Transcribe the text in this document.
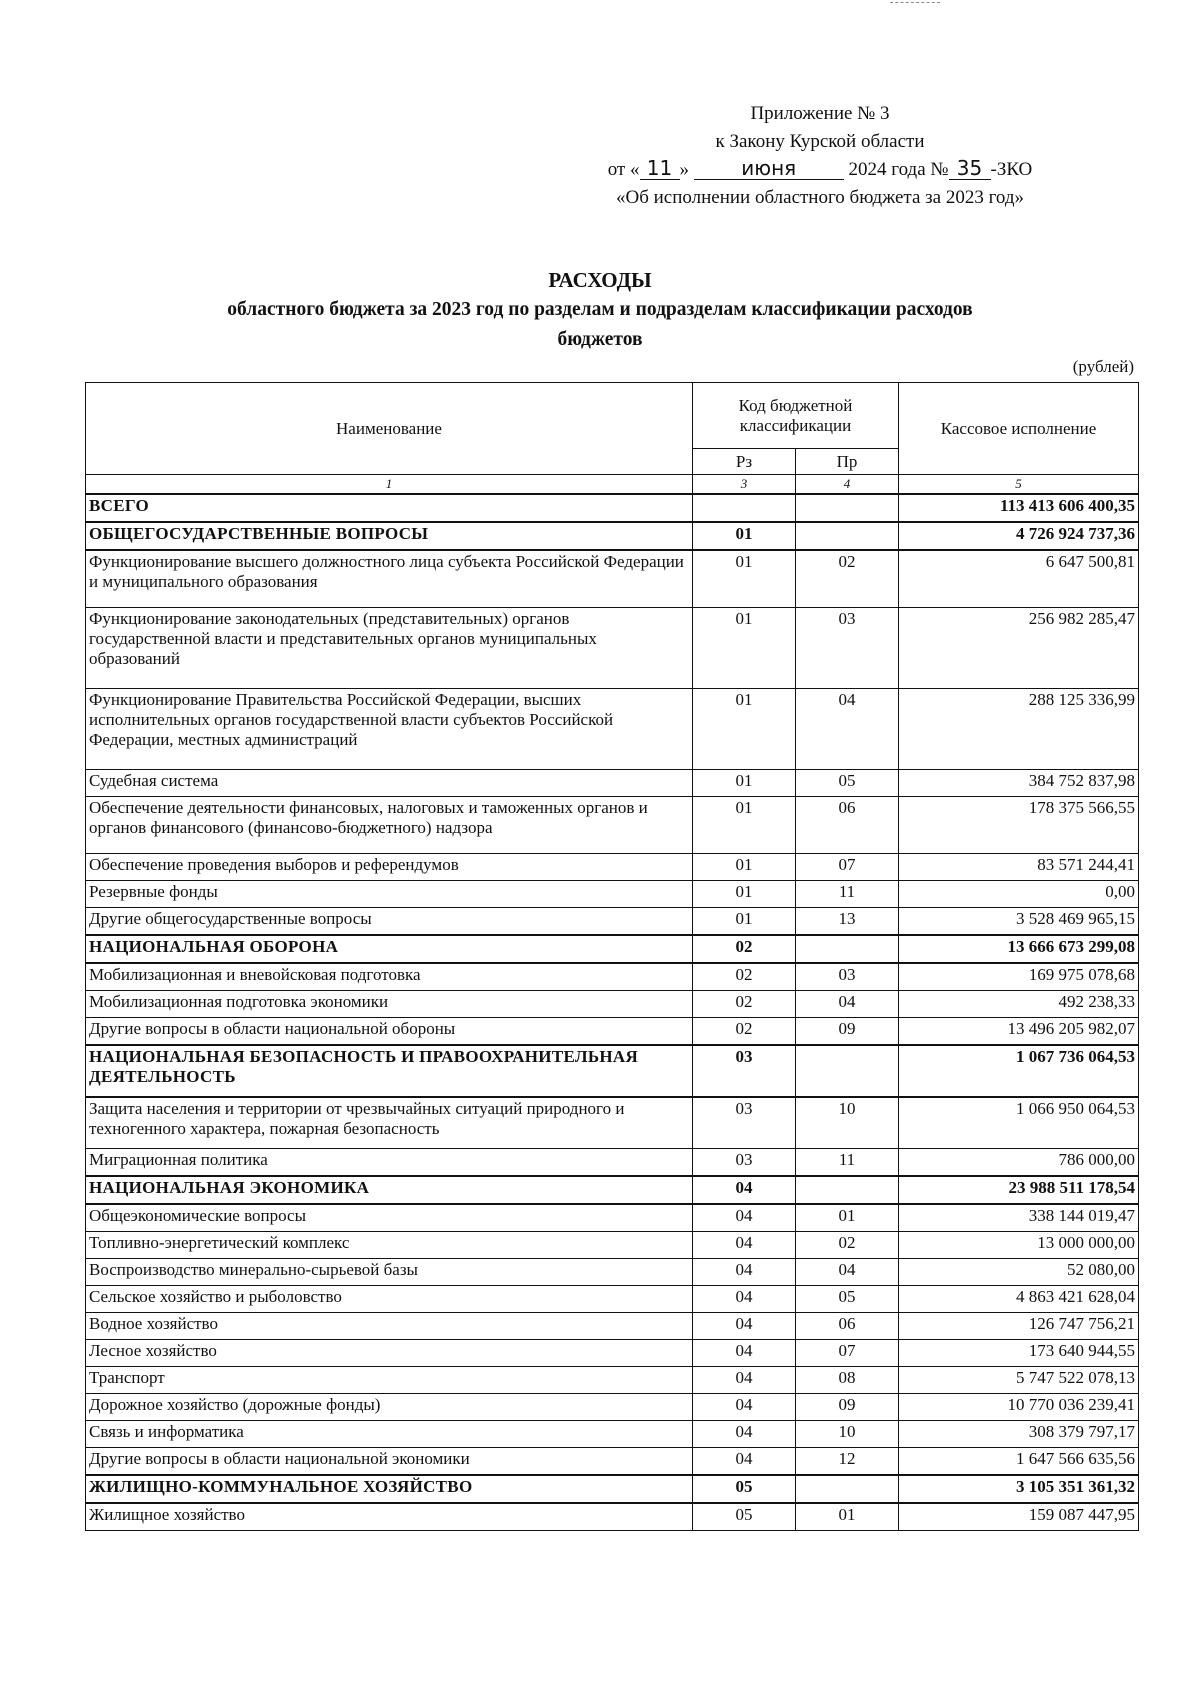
Приложение № 3
к Закону Курской области
от « 11 »	июня	2024 года № 35 -ЗКО
«Об исполнении областного бюджета за 2023 год»
РАСХОДЫ
областного бюджета за 2023 год по разделам и подразделам классификации расходов
бюджетов
(рублей)
Наименование	Код бюджетной классификации		Кассовое исполнение
	Рз	Пр	
1	3	4	5
ВСЕГО			113 413 606 400,35
ОБЩЕГОСУДАРСТВЕННЫЕ ВОПРОСЫ	01		4 726 924 737,36
Функционирование высшего должностного лица субъекта Российской Федерации и муниципального образования	01	02	6 647 500,81
Функционирование законодательных (представительных) органов государственной власти и представительных органов муниципальных образований	01	03	256 982 285,47
Функционирование Правительства Российской Федерации, высших исполнительных органов государственной власти субъектов Российской Федерации, местных администраций	01	04	288 125 336,99
Судебная система	01	05	384 752 837,98
Обеспечение деятельности финансовых, налоговых и таможенных органов и органов финансового (финансово-бюджетного) надзора	01	06	178 375 566,55
Обеспечение проведения выборов и референдумов	01	07	83 571 244,41
Резервные фонды	01	11	0,00
Другие общегосударственные вопросы	01	13	3 528 469 965,15
НАЦИОНАЛЬНАЯ ОБОРОНА	02		13 666 673 299,08
Мобилизационная и вневойсковая подготовка	02	03	169 975 078,68
Мобилизационная подготовка экономики	02	04	492 238,33
Другие вопросы в области национальной обороны	02	09	13 496 205 982,07
НАЦИОНАЛЬНАЯ БЕЗОПАСНОСТЬ И ПРАВООХРАНИТЕЛЬНАЯ ДЕЯТЕЛЬНОСТЬ	03		1 067 736 064,53
Защита населения и территории от чрезвычайных ситуаций природного и техногенного характера, пожарная безопасность	03	10	1 066 950 064,53
Миграционная политика	03	11	786 000,00
НАЦИОНАЛЬНАЯ ЭКОНОМИКА	04		23 988 511 178,54
Общеэкономические вопросы	04	01	338 144 019,47
Топливно-энергетический комплекс	04	02	13 000 000,00
Воспроизводство минерально-сырьевой базы	04	04	52 080,00
Сельское хозяйство и рыболовство	04	05	4 863 421 628,04
Водное хозяйство	04	06	126 747 756,21
Лесное хозяйство	04	07	173 640 944,55
Транспорт	04	08	5 747 522 078,13
Дорожное хозяйство (дорожные фонды)	04	09	10 770 036 239,41
Связь и информатика	04	10	308 379 797,17
Другие вопросы в области национальной экономики	04	12	1 647 566 635,56
ЖИЛИЩНО-КОММУНАЛЬНОЕ ХОЗЯЙСТВО	05		3 105 351 361,32
Жилищное хозяйство	05	01	159 087 447,95
